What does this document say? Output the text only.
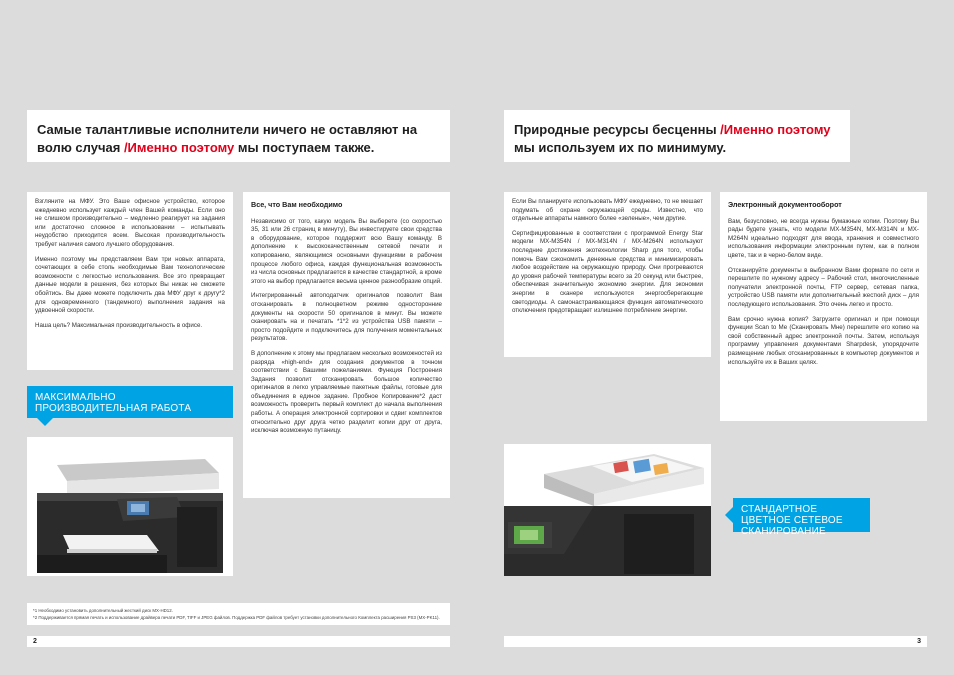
Самые талантливые исполнители ничего не оставляют на
волю случая /Именно поэтому мы поступаем также.

Взгляните на МФУ. Это Ваше офисное устройство, которое ежедневно использует каждый член Вашей команды. Если оно не слишком производительно – медленно реагирует на задания или достаточно сложное в использовании – испытывать неудобство приходится всем. Высокая производительность требует наличия самого лучшего оборудования.

Именно поэтому мы представляем Вам три новых аппарата, сочетающих в себе столь необходимые Вам технологические возможности с легкостью использования. Все это превращает данные модели в решения, без которых Вы никак не сможете обойтись. Вы даже можете подключить два МФУ друг к другу*2 для одновременного (тандемного) выполнения задания на удвоенной скорости.

Наша цель? Максимальная производительность в офисе.

Все, что Вам необходимо

Независимо от того, какую модель Вы выберете (со скоростью 35, 31 или 26 страниц в минуту), Вы инвестируете свои средства в оборудование, которое поддержит всю Вашу команду. В дополнение к высококачественным сетевой печати и копированию, являющимся основными функциями в рабочем процессе любого офиса, каждая функциональная возможность из числа основных предлагается в качестве стандартной, а кроме этого на выбор предлагается весьма ценное разнообразие опций.

Интегрированный автоподатчик оригиналов позволит Вам отсканировать в полноцветном режиме односторонние документы на скорости 50 оригиналов в минут. Вы можете сканировать на и печатать *1*2 из устройства USB памяти – просто подойдите и подключитесь для получения моментальных результатов.

В дополнение к этому мы предлагаем несколько возможностей из разряда «high-end» для создания документов в точном соответствии с Вашими пожеланиями. Функция Построения Задания позволит отсканировать большое количество оригиналов в легко управляемые пакетные файлы, готовые для объединения в единое задание. Пробное Копирование*2 даст возможность проверить первый комплект до начала выполнения работы. А операция электронной сортировки и сдвиг комплектов относительно друг друга четко разделит копии друг от друга, исключая возможную путаницу.

МАКСИМАЛЬНО ПРОИЗВОДИТЕЛЬНАЯ РАБОТА
*1 Необходимо установить дополнительный жесткий диск MX-HD12.
*2 Поддерживается прямая печать и использование драйвера печати PDF, TIFF и JPEG файлов. Поддержка PDF файлов требует установки дополнительного Комплекта расширения PS3 (MX-PK11).
2
Природные ресурсы бесценны /Именно поэтому
мы используем их по минимуму.

Если Вы планируете использовать МФУ ежедневно, то не мешает подумать об охране окружающей среды. Известно, что отдельные аппараты намного более «зеленые», чем другие.

Сертифицированные в соответствии с программой Energy Star модели MX-M354N / MX-M314N / MX-M264N используют последние достижения экотехнологии Sharp для того, чтобы помочь Вам сэкономить денежные средства и минимизировать любое воздействие на окружающую природу. Они прогреваются до уровня рабочей температуры всего за 20 секунд или быстрее, обеспечивая значительную экономию энергии. Для экономии энергии в сканере используются энергосберегающие светодиоды. А самонастраивающаяся функция автоматического отключения предотвращает излишнее потребление энергии.

Электронный документооборот

Вам, безусловно, не всегда нужны бумажные копии. Поэтому Вы рады будете узнать, что модели MX-M354N, MX-M314N и MX-M264N идеально подходят для ввода, хранения и совместного использования информации электронным путем, как в полном цвете, так и в черно-белом виде.

Отсканируйте документы в выбранном Вами формате по сети и перешлите по нужному адресу – Рабочий стол, многочисленные получатели электронной почты, FTP сервер, сетевая папка, устройство USB памяти или дополнительный жесткий диск – для последующего использования. Это очень легко и просто.

Вам срочно нужна копия? Загрузите оригинал и при помощи функции Scan to Me (Сканировать Мне) перешлите его копию на свой собственный адрес электронной почты. Затем, используя программу управления документами Sharpdesk, упорядочите размещение любых отсканированных в компьютер документов и используйте их в Ваших целях.

СТАНДАРТНОЕ ЦВЕТНОЕ СЕТЕВОЕ СКАНИРОВАНИЕ
3
